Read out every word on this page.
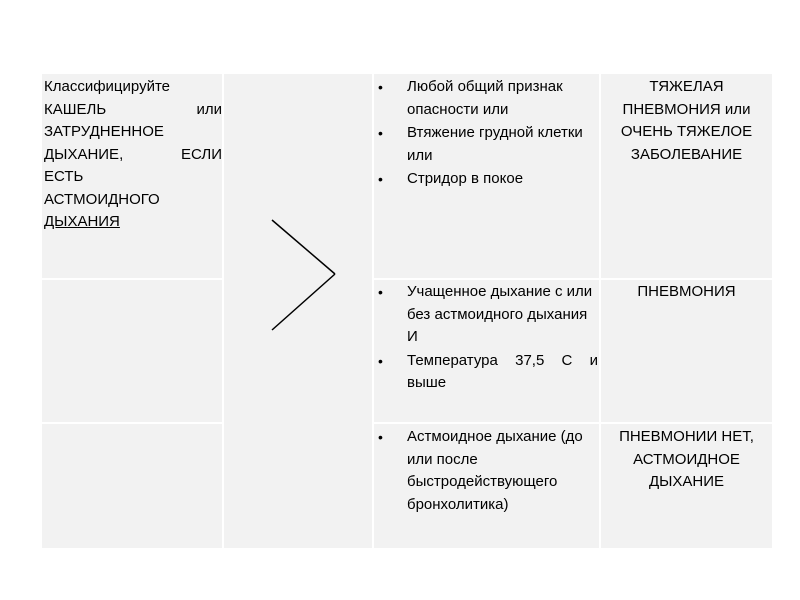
Классифицируйте
КАШЕЛЬ или
ЗАТРУДНЕННОЕ
ДЫХАНИЕ, ЕСЛИ
ЕСТЬ
АСТМОИДНОГО
ДЫХАНИЯ
• Любой общий признак опасности или
• Втяжение грудной клетки или
• Стридор в покое
• Учащенное дыхание с или без астмоидного дыхания И
• Температура 37,5 С и выше
• Астмоидное дыхание (до или после быстродействующего бронхолитика)
ТЯЖЕЛАЯ ПНЕВМОНИЯ или ОЧЕНЬ ТЯЖЕЛОЕ ЗАБОЛЕВАНИЕ
ПНЕВМОНИЯ
ПНЕВМОНИИ НЕТ, АСТМОИДНОЕ ДЫХАНИЕ
